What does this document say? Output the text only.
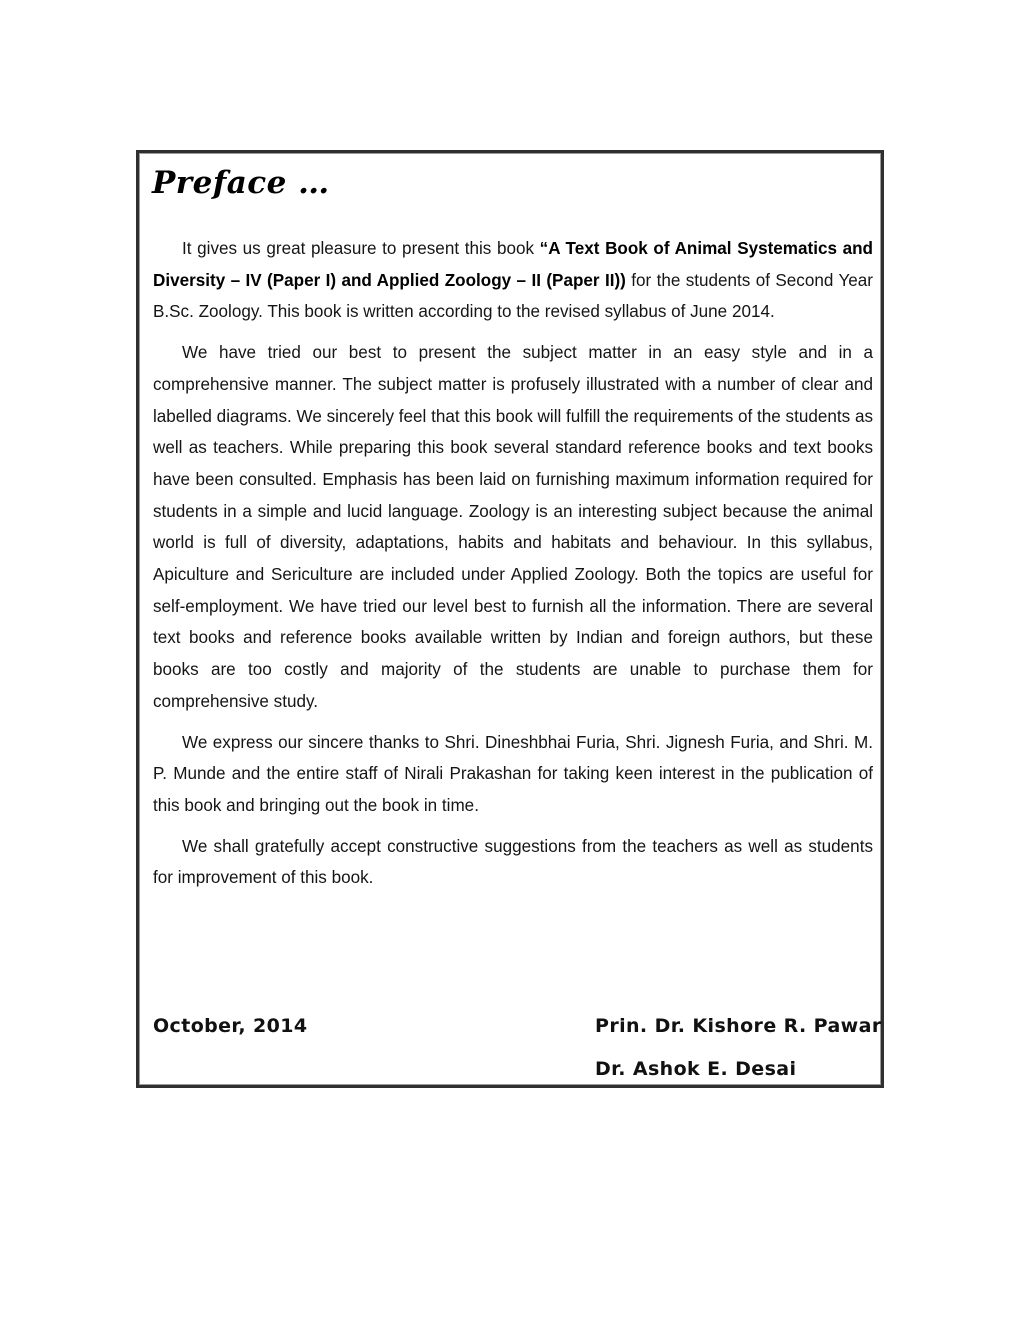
Preface …

It gives us great pleasure to present this book “A Text Book of Animal Systematics and Diversity – IV (Paper I) and Applied Zoology – II (Paper II)) for the students of Second Year B.Sc. Zoology. This book is written according to the revised syllabus of June 2014.

We have tried our best to present the subject matter in an easy style and in a comprehensive manner. The subject matter is profusely illustrated with a number of clear and labelled diagrams. We sincerely feel that this book will fulfill the requirements of the students as well as teachers. While preparing this book several standard reference books and text books have been consulted. Emphasis has been laid on furnishing maximum information required for students in a simple and lucid language. Zoology is an interesting subject because the animal world is full of diversity, adaptations, habits and habitats and behaviour. In this syllabus, Apiculture and Sericulture are included under Applied Zoology. Both the topics are useful for self-employment. We have tried our level best to furnish all the information. There are several text books and reference books available written by Indian and foreign authors, but these books are too costly and majority of the students are unable to purchase them for comprehensive study.

We express our sincere thanks to Shri. Dineshbhai Furia, Shri. Jignesh Furia, and Shri. M. P. Munde and the entire staff of Nirali Prakashan for taking keen interest in the publication of this book and bringing out the book in time.

We shall gratefully accept constructive suggestions from the teachers as well as students for improvement of this book.

October, 2014	Prin. Dr. Kishore R. Pawar
Dr. Ashok E. Desai
